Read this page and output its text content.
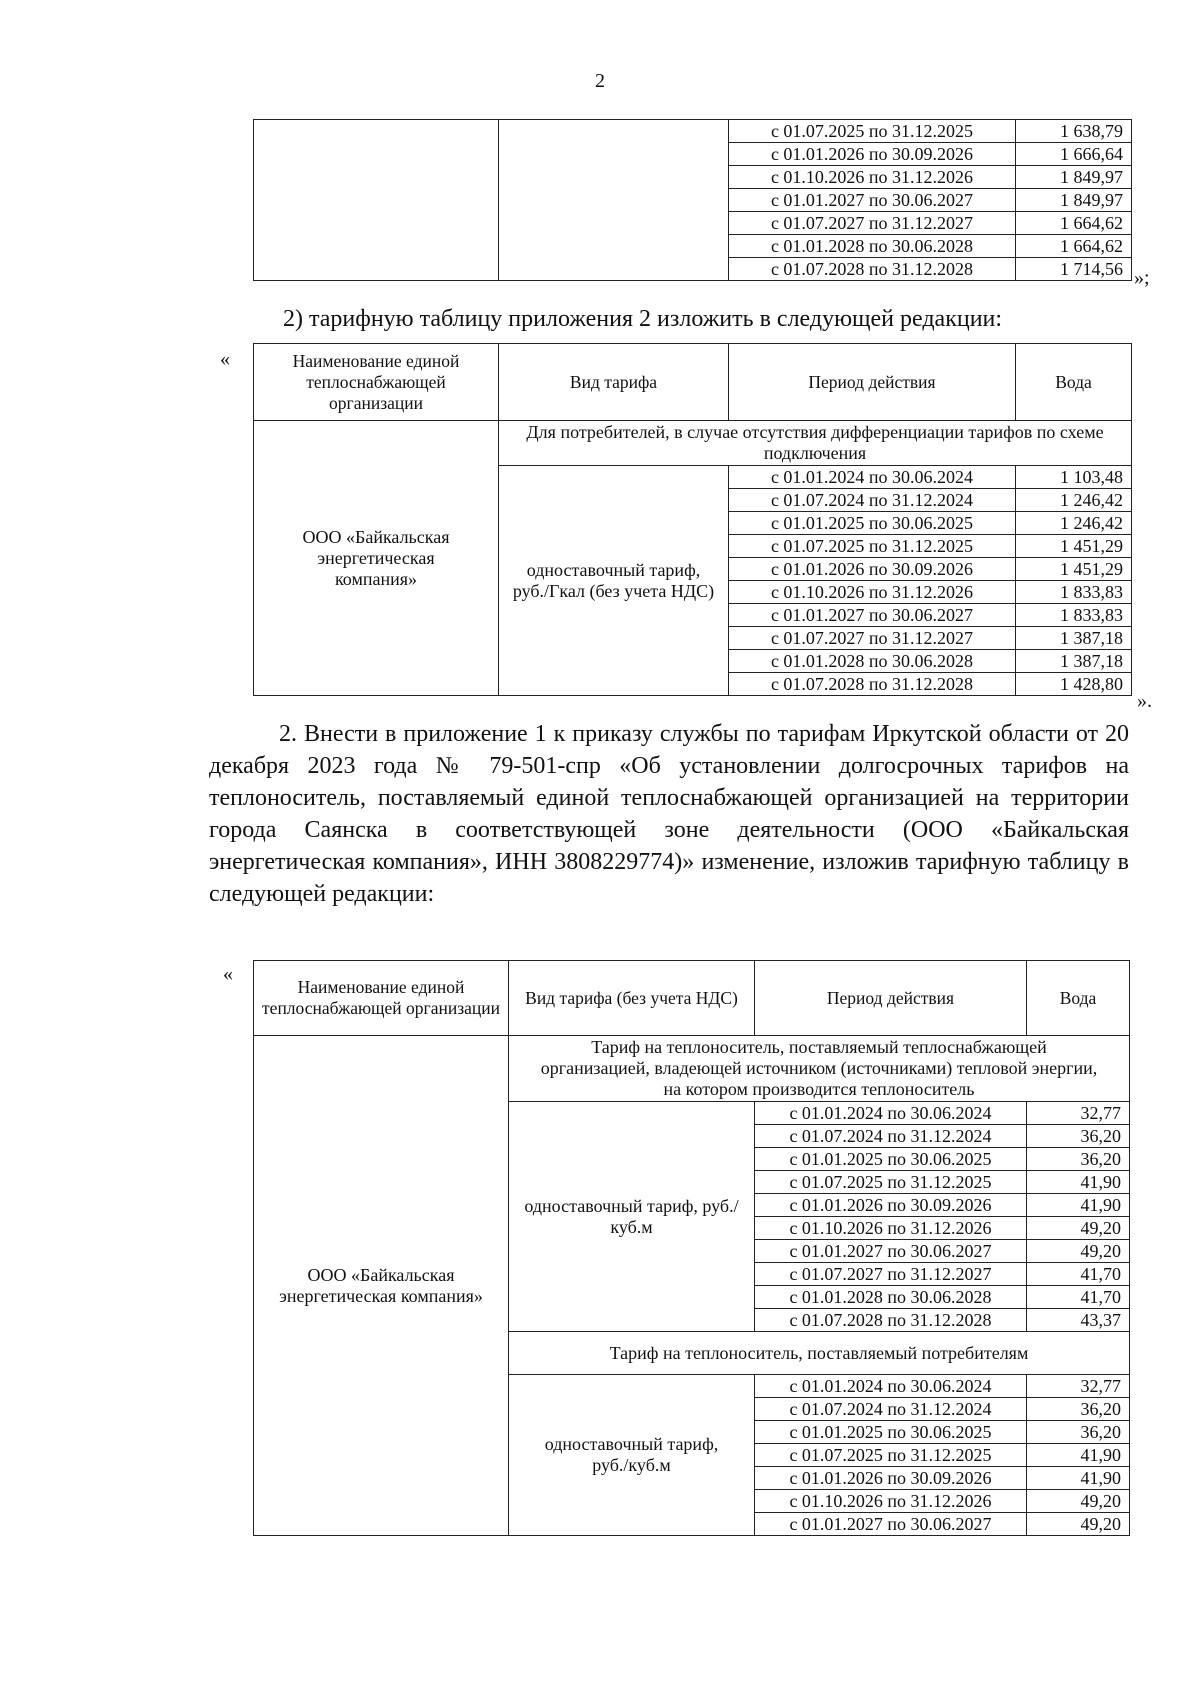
2
		с 01.07.2025 по 31.12.2025	1 638,79
		с 01.01.2026 по 30.09.2026	1 666,64
		с 01.10.2026 по 31.12.2026	1 849,97
		с 01.01.2027 по 30.06.2027	1 849,97
		с 01.07.2027 по 31.12.2027	1 664,62
		с 01.01.2028 по 30.06.2028	1 664,62
		с 01.07.2028 по 31.12.2028	1 714,56 »;
2) тарифную таблицу приложения 2 изложить в следующей редакции:
«	Наименование единой теплоснабжающей организации	Вид тарифа	Период действия	Вода
ООО «Байкальская энергетическая компания»	Для потребителей, в случае отсутствия дифференциации тарифов по схеме подключения		
	одноставочный тариф, руб./Гкал (без учета НДС)	с 01.01.2024 по 30.06.2024	1 103,48
		с 01.07.2024 по 31.12.2024	1 246,42
		с 01.01.2025 по 30.06.2025	1 246,42
		с 01.07.2025 по 31.12.2025	1 451,29
		с 01.01.2026 по 30.09.2026	1 451,29
		с 01.10.2026 по 31.12.2026	1 833,83
		с 01.01.2027 по 30.06.2027	1 833,83
		с 01.07.2027 по 31.12.2027	1 387,18
		с 01.01.2028 по 30.06.2028	1 387,18
		с 01.07.2028 по 31.12.2028	1 428,80
».
2. Внести в приложение 1 к приказу службы по тарифам Иркутской области от 20 декабря 2023 года № 79-501-спр «Об установлении долгосрочных тарифов на теплоноситель, поставляемый единой теплоснабжающей организацией на территории города Саянска в соответствующей зоне деятельности (ООО «Байкальская энергетическая компания», ИНН 3808229774)» изменение, изложив тарифную таблицу в следующей редакции:
«
Наименование единой теплоснабжающей организации	Вид тарифа (без учета НДС)	Период действия	Вода
ООО «Байкальская энергетическая компания»	Тариф на теплоноситель, поставляемый теплоснабжающей организацией, владеющей источником (источниками) тепловой энергии, на котором производится теплоноситель		
	одноставочный тариф, руб./куб.м	с 01.01.2024 по 30.06.2024	32,77
		с 01.07.2024 по 31.12.2024	36,20
		с 01.01.2025 по 30.06.2025	36,20
		с 01.07.2025 по 31.12.2025	41,90
		с 01.01.2026 по 30.09.2026	41,90
		с 01.10.2026 по 31.12.2026	49,20
		с 01.01.2027 по 30.06.2027	49,20
		с 01.07.2027 по 31.12.2027	41,70
		с 01.01.2028 по 30.06.2028	41,70
		с 01.07.2028 по 31.12.2028	43,37
	Тариф на теплоноситель, поставляемый потребителям		
	одноставочный тариф, руб./куб.м	с 01.01.2024 по 30.06.2024	32,77
		с 01.07.2024 по 31.12.2024	36,20
		с 01.01.2025 по 30.06.2025	36,20
		с 01.07.2025 по 31.12.2025	41,90
		с 01.01.2026 по 30.09.2026	41,90
		с 01.10.2026 по 31.12.2026	49,20
		с 01.01.2027 по 30.06.2027	49,20
